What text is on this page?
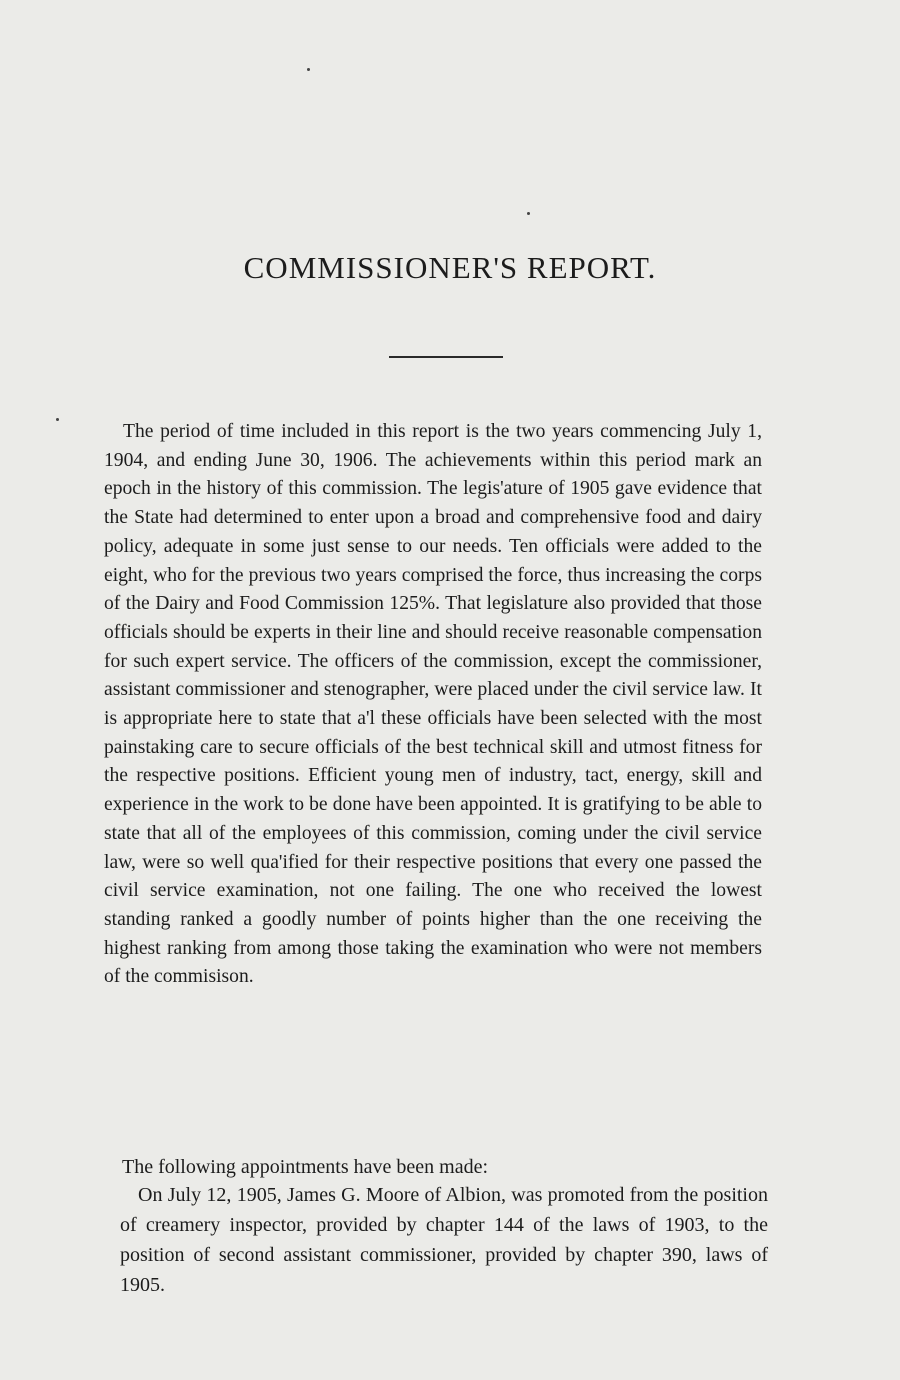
COMMISSIONER'S REPORT.

The period of time included in this report is the two years commencing July 1, 1904, and ending June 30, 1906. The achievements within this period mark an epoch in the history of this commission. The legis'ature of 1905 gave evidence that the State had determined to enter upon a broad and comprehensive food and dairy policy, adequate in some just sense to our needs. Ten officials were added to the eight, who for the previous two years comprised the force, thus increasing the corps of the Dairy and Food Commission 125%. That legislature also provided that those officials should be experts in their line and should receive reasonable compensation for such expert service. The officers of the commission, except the commissioner, assistant commissioner and stenographer, were placed under the civil service law. It is appropriate here to state that a'l these officials have been selected with the most painstaking care to secure officials of the best technical skill and utmost fitness for the respective positions. Efficient young men of industry, tact, energy, skill and experience in the work to be done have been appointed. It is gratifying to be able to state that all of the employees of this commission, coming under the civil service law, were so well qua'ified for their respective positions that every one passed the civil service examination, not one failing. The one who received the lowest standing ranked a goodly number of points higher than the one receiving the highest ranking from among those taking the examination who were not members of the commisison.

The following appointments have been made:

On July 12, 1905, James G. Moore of Albion, was promoted from the position of creamery inspector, provided by chapter 144 of the laws of 1903, to the position of second assistant commissioner, provided by chapter 390, laws of 1905.
